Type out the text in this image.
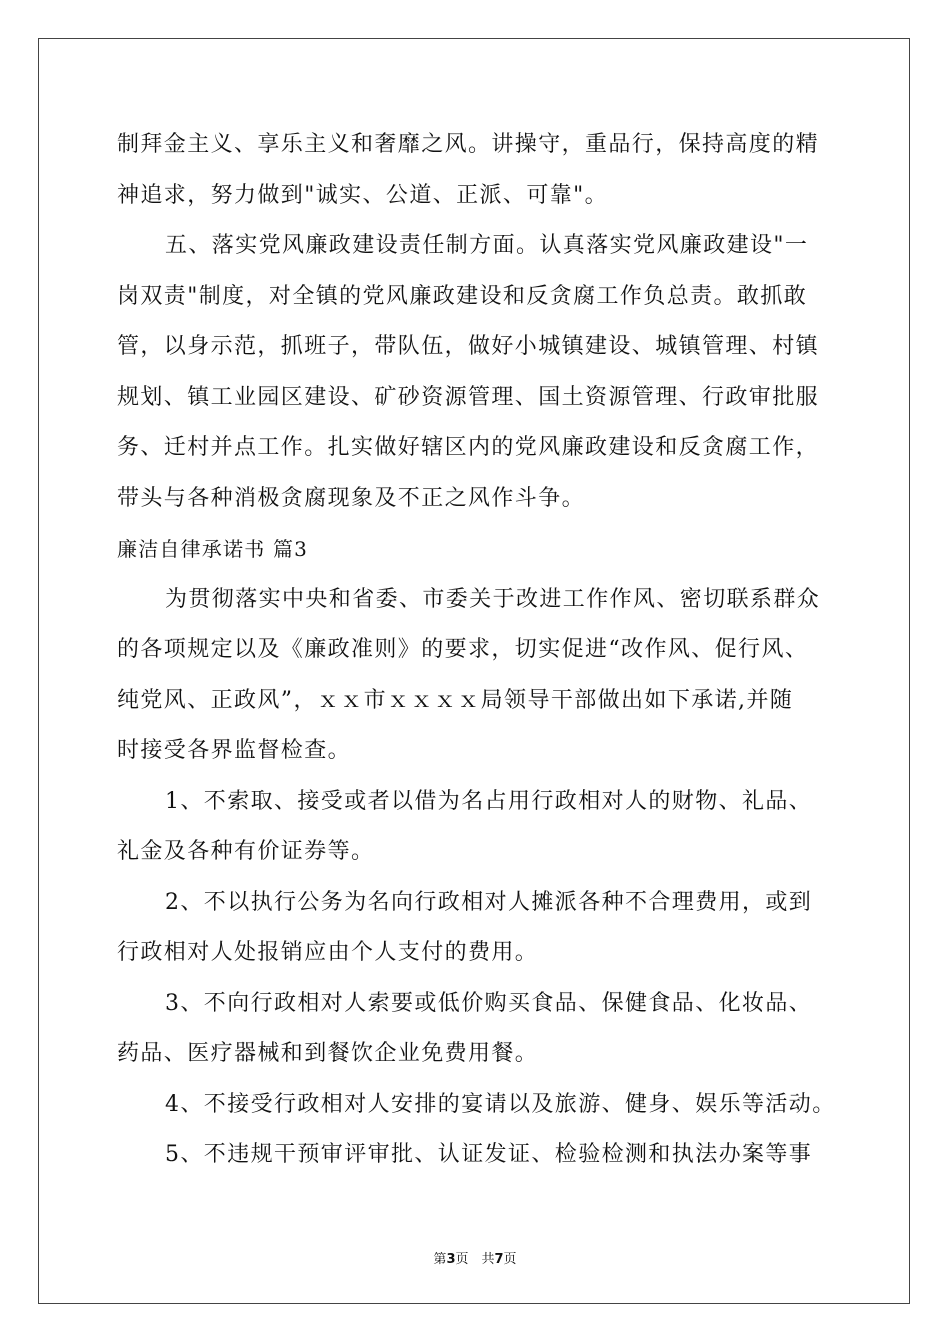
制拜金主义、享乐主义和奢靡之风。讲操守，重品行，保持高度的精
神追求，努力做到"诚实、公道、正派、可靠"。
五、落实党风廉政建设责任制方面。认真落实党风廉政建设"一
岗双责"制度，对全镇的党风廉政建设和反贪腐工作负总责。敢抓敢
管，以身示范，抓班子，带队伍，做好小城镇建设、城镇管理、村镇
规划、镇工业园区建设、矿砂资源管理、国土资源管理、行政审批服
务、迁村并点工作。扎实做好辖区内的党风廉政建设和反贪腐工作，
带头与各种消极贪腐现象及不正之风作斗争。
廉洁自律承诺书 篇3
为贯彻落实中央和省委、市委关于改进工作作风、密切联系群众
的各项规定以及《廉政准则》的要求，切实促进“改作风、促行风、
纯党风、正政风”，ｘｘ市ｘｘｘｘ局领导干部做出如下承诺,并随
时接受各界监督检查。
1、不索取、接受或者以借为名占用行政相对人的财物、礼品、
礼金及各种有价证券等。
2、不以执行公务为名向行政相对人摊派各种不合理费用，或到
行政相对人处报销应由个人支付的费用。
3、不向行政相对人索要或低价购买食品、保健食品、化妆品、
药品、医疗器械和到餐饮企业免费用餐。
4、不接受行政相对人安排的宴请以及旅游、健身、娱乐等活动。
5、不违规干预审评审批、认证发证、检验检测和执法办案等事
第3页　共7页
